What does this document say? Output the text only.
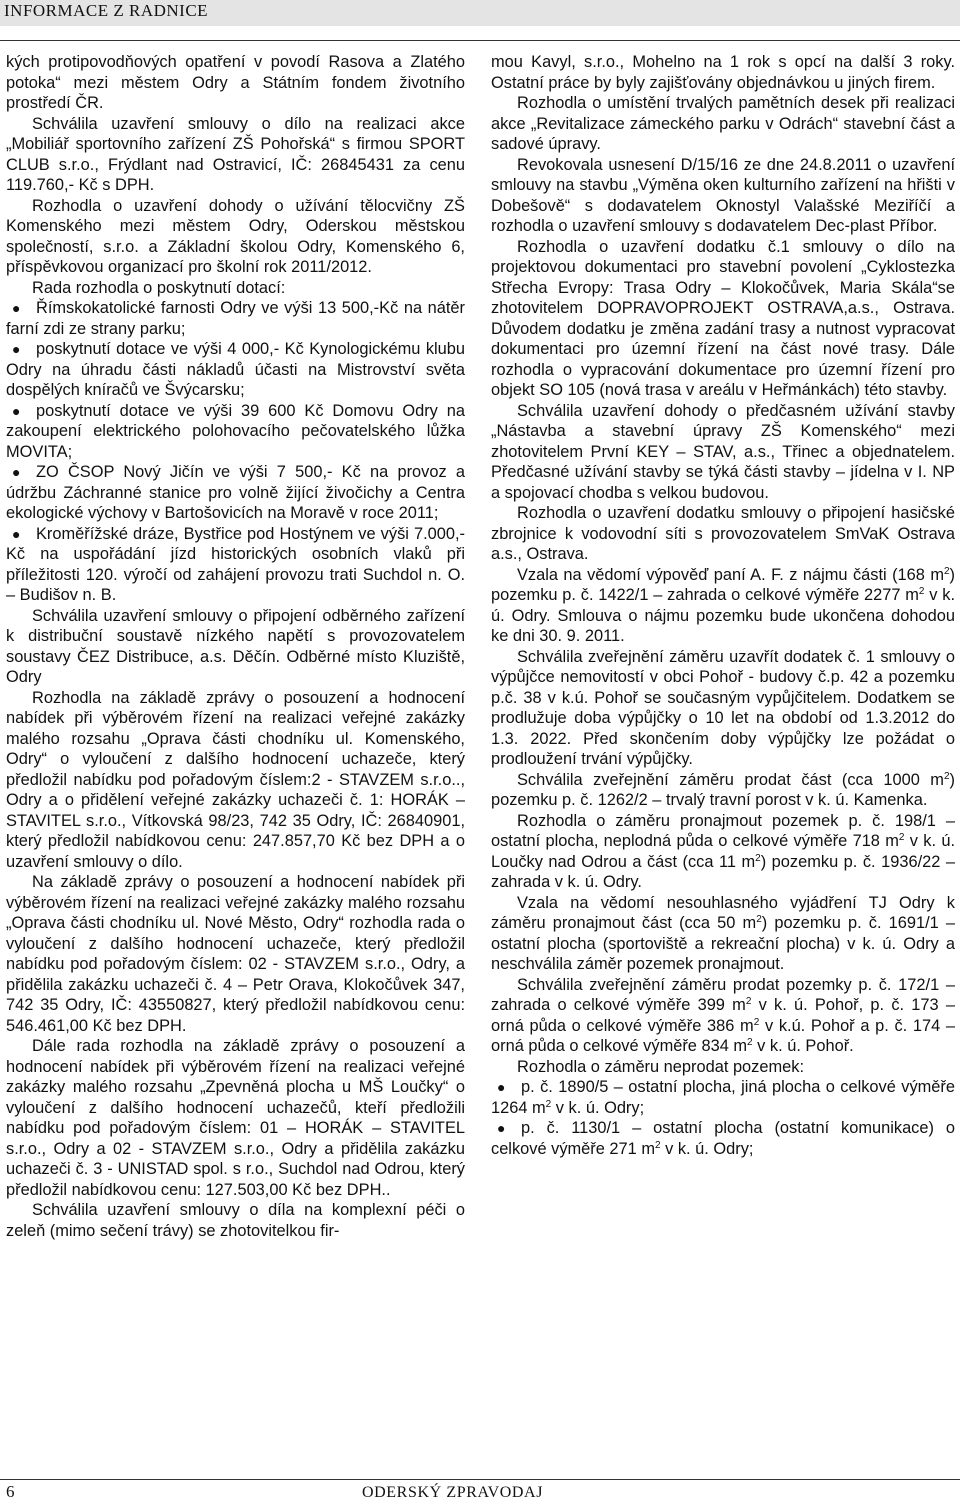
INFORMACE Z RADNICE

kých protipovodňových opatření v povodí Rasova a Zlatého potoka“ mezi městem Odry a Státním fondem životního prostředí ČR.

Schválila uzavření smlouvy o dílo na realizaci akce „Mobiliář sportovního zařízení ZŠ Pohořská“ s firmou SPORT CLUB s.r.o., Frýdlant nad Ostravicí, IČ: 26845431 za cenu 119.760,- Kč s DPH.

Rozhodla o uzavření dohody o užívání tělocvičny ZŠ Komenského mezi městem Odry, Oderskou městskou společností, s.r.o. a Základní školou Odry, Komenského 6, příspěvkovou organizací pro školní rok 2011/2012.

Rada rozhodla o poskytnutí dotací:

● Římskokatolické farnosti Odry ve výši 13 500,-Kč na nátěr farní zdi ze strany parku;

● poskytnutí dotace ve výši 4 000,- Kč Kynologickému klubu Odry na úhradu části nákladů účasti na Mistrovství světa dospělých kníračů ve Švýcarsku;

● poskytnutí dotace ve výši 39 600 Kč Domovu Odry na zakoupení elektrického polohovacího pečovatelského lůžka MOVITA;

● ZO ČSOP Nový Jičín ve výši 7 500,- Kč na provoz a údržbu Záchranné stanice pro volně žijící živočichy a Centra ekologické výchovy v Bartošovicích na Moravě v roce 2011;

● Kroměřížské dráze, Bystřice pod Hostýnem ve výši 7.000,- Kč na uspořádání jízd historických osobních vlaků při příležitosti 120. výročí od zahájení provozu trati Suchdol n. O. – Budišov n. B.

Schválila uzavření smlouvy o připojení odběrného zařízení k distribuční soustavě nízkého napětí s provozovatelem soustavy ČEZ Distribuce, a.s. Děčín. Odběrné místo Kluziště, Odry

Rozhodla na základě zprávy o posouzení a hodnocení nabídek při výběrovém řízení na realizaci veřejné zakázky malého rozsahu „Oprava části chodníku ul. Komenského, Odry“ o vyloučení z dalšího hodnocení uchazeče, který předložil nabídku pod pořadovým číslem:2 - STAVZEM s.r.o.., Odry a o přidělení veřejné zakázky uchazeči č. 1: HORÁK – STAVITEL s.r.o., Vítkovská 98/23, 742 35 Odry, IČ: 26840901, který předložil nabídkovou cenu: 247.857,70 Kč bez DPH a o uzavření smlouvy o dílo.

Na základě zprávy o posouzení a hodnocení nabídek při výběrovém řízení na realizaci veřejné zakázky malého rozsahu „Oprava části chodníku ul. Nové Město, Odry“ rozhodla rada o vyloučení z dalšího hodnocení uchazeče, který předložil nabídku pod pořadovým číslem: 02 - STAVZEM s.r.o., Odry, a přidělila zakázku uchazeči č. 4 – Petr Orava, Klokočůvek 347, 742 35 Odry, IČ: 43550827, který předložil nabídkovou cenu: 546.461,00 Kč bez DPH.

Dále rada rozhodla na základě zprávy o posouzení a hodnocení nabídek při výběrovém řízení na realizaci veřejné zakázky malého rozsahu „Zpevněná plocha u MŠ Loučky“ o vyloučení z dalšího hodnocení uchazečů, kteří předložili nabídku pod pořadovým číslem: 01 – HORÁK – STAVITEL s.r.o., Odry a 02 - STAVZEM s.r.o., Odry a přidělila zakázku uchazeči č. 3 - UNISTAD spol. s r.o., Suchdol nad Odrou, který předložil nabídkovou cenu: 127.503,00 Kč bez DPH..

Schválila uzavření smlouvy o díla na komplexní péči o zeleň (mimo sečení trávy) se zhotovitelkou fir-

mou Kavyl, s.r.o., Mohelno na 1 rok s opcí na další 3 roky. Ostatní práce by byly zajišťovány objednávkou u jiných firem.

Rozhodla o umístění trvalých pamětních desek při realizaci akce „Revitalizace zámeckého parku v Odrách“ stavební část a sadové úpravy.

Revokovala usnesení D/15/16 ze dne 24.8.2011 o uzavření smlouvy na stavbu „Výměna oken kulturního zařízení na hřišti v Dobešově“ s dodavatelem Oknostyl Valašské Meziříčí a rozhodla o uzavření smlouvy s dodavatelem Dec-plast Příbor.

Rozhodla o uzavření dodatku č.1 smlouvy o dílo na projektovou dokumentaci pro stavební povolení „Cyklostezka Střecha Evropy: Trasa Odry – Klokočůvek, Maria Skála“se zhotovitelem DOPRAVOPROJEKT OSTRAVA,a.s., Ostrava. Důvodem dodatku je změna zadání trasy a nutnost vypracovat dokumentaci pro územní řízení na část nové trasy. Dále rozhodla o vypracování dokumentace pro územní řízení pro objekt SO 105 (nová trasa v areálu v Heřmánkách) této stavby.

Schválila uzavření dohody o předčasném užívání stavby „Nástavba a stavební úpravy ZŠ Komenského“ mezi zhotovitelem První KEY – STAV, a.s., Třinec a objednatelem. Předčasné užívání stavby se týká části stavby – jídelna v I. NP a spojovací chodba s velkou budovou.

Rozhodla o uzavření dodatku smlouvy o připojení hasičské zbrojnice k vodovodní síti s provozovatelem SmVaK Ostrava a.s., Ostrava.

Vzala na vědomí výpověď paní A. F. z nájmu části (168 $m^2$) pozemku p. č. 1422/1 – zahrada o celkové výměře 2277 $m^2$ v k. ú. Odry. Smlouva o nájmu pozemku bude ukončena dohodou ke dni 30. 9. 2011.

Schválila zveřejnění záměru uzavřít dodatek č. 1 smlouvy o výpůjčce nemovitostí v obci Pohoř - budovy č.p. 42 a pozemku p.č. 38 v k.ú. Pohoř se současným vypůjčitelem. Dodatkem se prodlužuje doba výpůjčky o 10 let na období od 1.3.2012 do 1.3. 2022. Před skončením doby výpůjčky lze požádat o prodloužení trvání výpůjčky.

Schválila zveřejnění záměru prodat část (cca 1000 $m^2$) pozemku p. č. 1262/2 – trvalý travní porost v k. ú. Kamenka.

Rozhodla o záměru pronajmout pozemek p. č. 198/1 – ostatní plocha, neplodná půda o celkové výměře 718 $m^2$ v k. ú. Loučky nad Odrou a část (cca 11 $m^2$) pozemku p. č. 1936/22 – zahrada v k. ú. Odry.

Vzala na vědomí nesouhlasného vyjádření TJ Odry k záměru pronajmout část (cca 50 $m^2$) pozemku p. č. 1691/1 – ostatní plocha (sportoviště a rekreační plocha) v k. ú. Odry a neschválila záměr pozemek pronajmout.

Schválila zveřejnění záměru prodat pozemky p. č. 172/1 – zahrada o celkové výměře 399 $m^2$ v k. ú. Pohoř, p. č. 173 – orná půda o celkové výměře 386 $m^2$ v k.ú. Pohoř a p. č. 174 – orná půda o celkové výměře 834 $m^2$ v k. ú. Pohoř.

Rozhodla o záměru neprodat pozemek:

● p. č. 1890/5 – ostatní plocha, jiná plocha o celkové výměře 1264 $m^2$ v k. ú. Odry;

● p. č. 1130/1 – ostatní plocha (ostatní komunikace) o celkové výměře 271 $m^2$ v k. ú. Odry;

6	ODERSKÝ ZPRAVODAJ
